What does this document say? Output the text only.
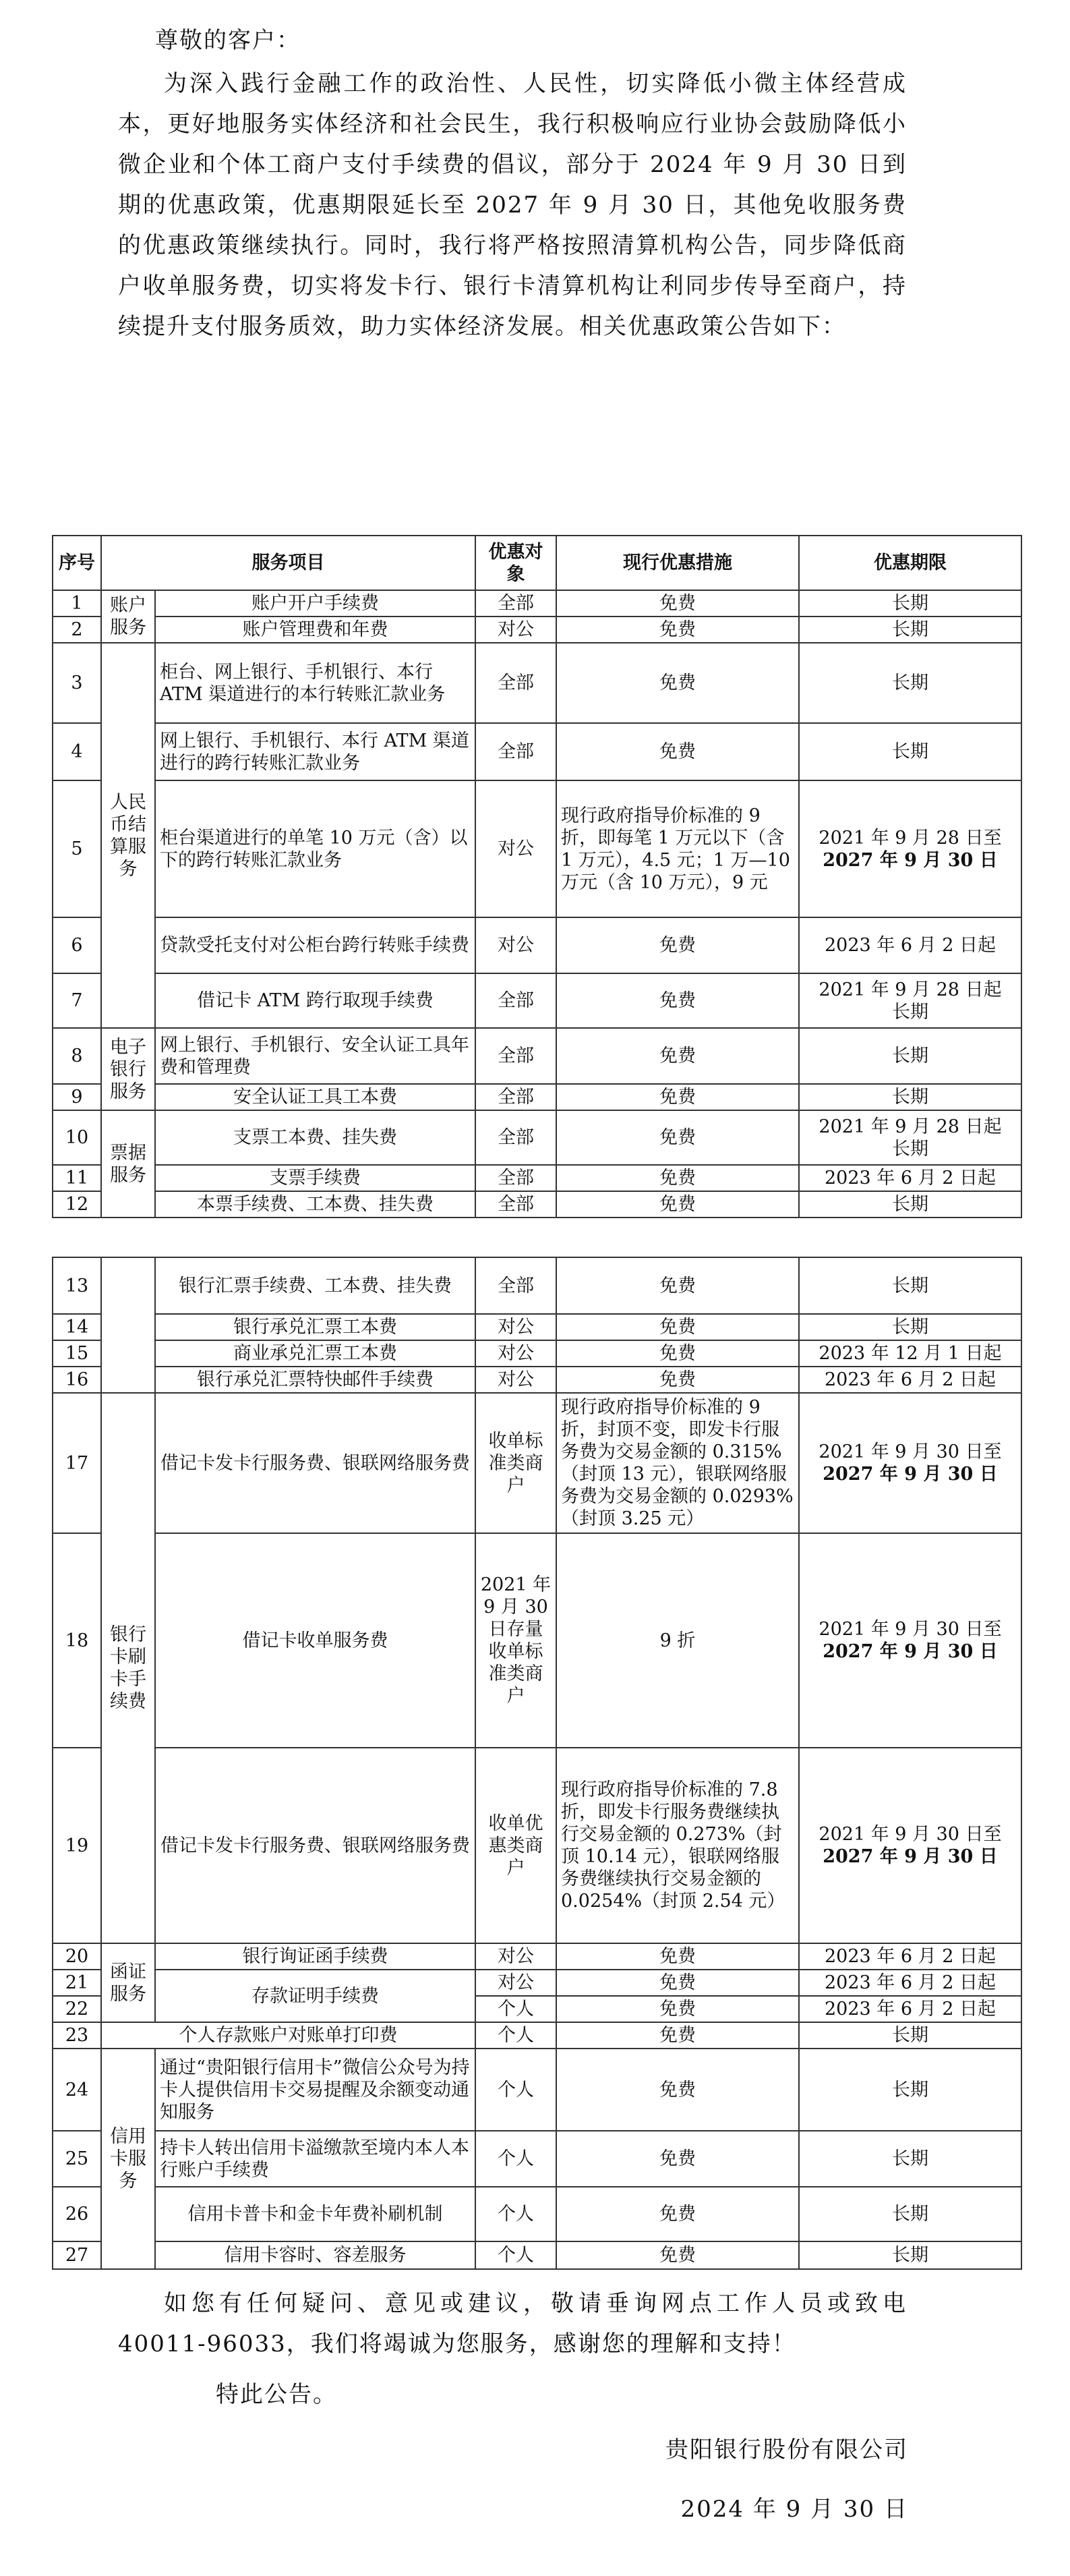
尊敬的客户：

为深入践行金融工作的政治性、人民性，切实降低小微主体经营成本，更好地服务实体经济和社会民生，我行积极响应行业协会鼓励降低小微企业和个体工商户支付手续费的倡议，部分于 2024 年 9 月 30 日到期的优惠政策，优惠期限延长至 2027 年 9 月 30 日，其他免收服务费的优惠政策继续执行。同时，我行将严格按照清算机构公告，同步降低商户收单服务费，切实将发卡行、银行卡清算机构让利同步传导至商户，持续提升支付服务质效，助力实体经济发展。相关优惠政策公告如下：

序号	服务项目		优惠对象	现行优惠措施	优惠期限
1	账户服务	账户开户手续费	全部	免费	长期
2		账户管理费和年费	对公	免费	长期
3	人民币结算服务	柜台、网上银行、手机银行、本行 ATM 渠道进行的本行转账汇款业务	全部	免费	长期
4		网上银行、手机银行、本行 ATM 渠道进行的跨行转账汇款业务	全部	免费	长期
5		柜台渠道进行的单笔 10 万元（含）以下的跨行转账汇款业务	对公	现行政府指导价标准的 9 折，即每笔 1 万元以下（含 1 万元），4.5 元；1 万—10 万元（含 10 万元），9 元	2021 年 9 月 28 日至
2027 年 9 月 30 日
6		贷款受托支付对公柜台跨行转账手续费	对公	免费	2023 年 6 月 2 日起
7		借记卡 ATM 跨行取现手续费	全部	免费	2021 年 9 月 28 日起
长期
8	电子银行服务	网上银行、手机银行、安全认证工具年费和管理费	全部	免费	长期
9		安全认证工具工本费	全部	免费	长期
10	票据服务	支票工本费、挂失费	全部	免费	2021 年 9 月 28 日起
长期
11		支票手续费	全部	免费	2023 年 6 月 2 日起
12		本票手续费、工本费、挂失费	全部	免费	长期
13		银行汇票手续费、工本费、挂失费	全部	免费	长期
14		银行承兑汇票工本费	对公	免费	长期
15		商业承兑汇票工本费	对公	免费	2023 年 12 月 1 日起
16		银行承兑汇票特快邮件手续费	对公	免费	2023 年 6 月 2 日起
17	银行卡刷卡手续费	借记卡发卡行服务费、银联网络服务费	收单标准类商户	现行政府指导价标准的 9 折，封顶不变，即发卡行服务费为交易金额的 0.315%（封顶 13 元），银联网络服务费为交易金额的 0.0293%（封顶 3.25 元）	2021 年 9 月 30 日至
2027 年 9 月 30 日
18		借记卡收单服务费	2021 年 9 月 30 日存量收单标准类商户	9 折	2021 年 9 月 30 日至
2027 年 9 月 30 日
19		借记卡发卡行服务费、银联网络服务费	收单优惠类商户	现行政府指导价标准的 7.8 折，即发卡行服务费继续执行交易金额的 0.273%（封顶 10.14 元），银联网络服务费继续执行交易金额的 0.0254%（封顶 2.54 元）	2021 年 9 月 30 日至
2027 年 9 月 30 日
20	函证服务	银行询证函手续费	对公	免费	2023 年 6 月 2 日起
21		存款证明手续费	对公	免费	2023 年 6 月 2 日起
22			个人	免费	2023 年 6 月 2 日起
23	个人存款账户对账单打印费		个人	免费	长期
24	信用卡服务	通过“贵阳银行信用卡”微信公众号为持卡人提供信用卡交易提醒及余额变动通知服务	个人	免费	长期
25		持卡人转出信用卡溢缴款至境内本人本行账户手续费	个人	免费	长期
26		信用卡普卡和金卡年费补刷机制	个人	免费	长期
27		信用卡容时、容差服务	个人	免费	长期

如您有任何疑问、意见或建议，敬请垂询网点工作人员或致电 40011-96033，我们将竭诚为您服务，感谢您的理解和支持！

特此公告。

贵阳银行股份有限公司

2024 年 9 月 30 日
